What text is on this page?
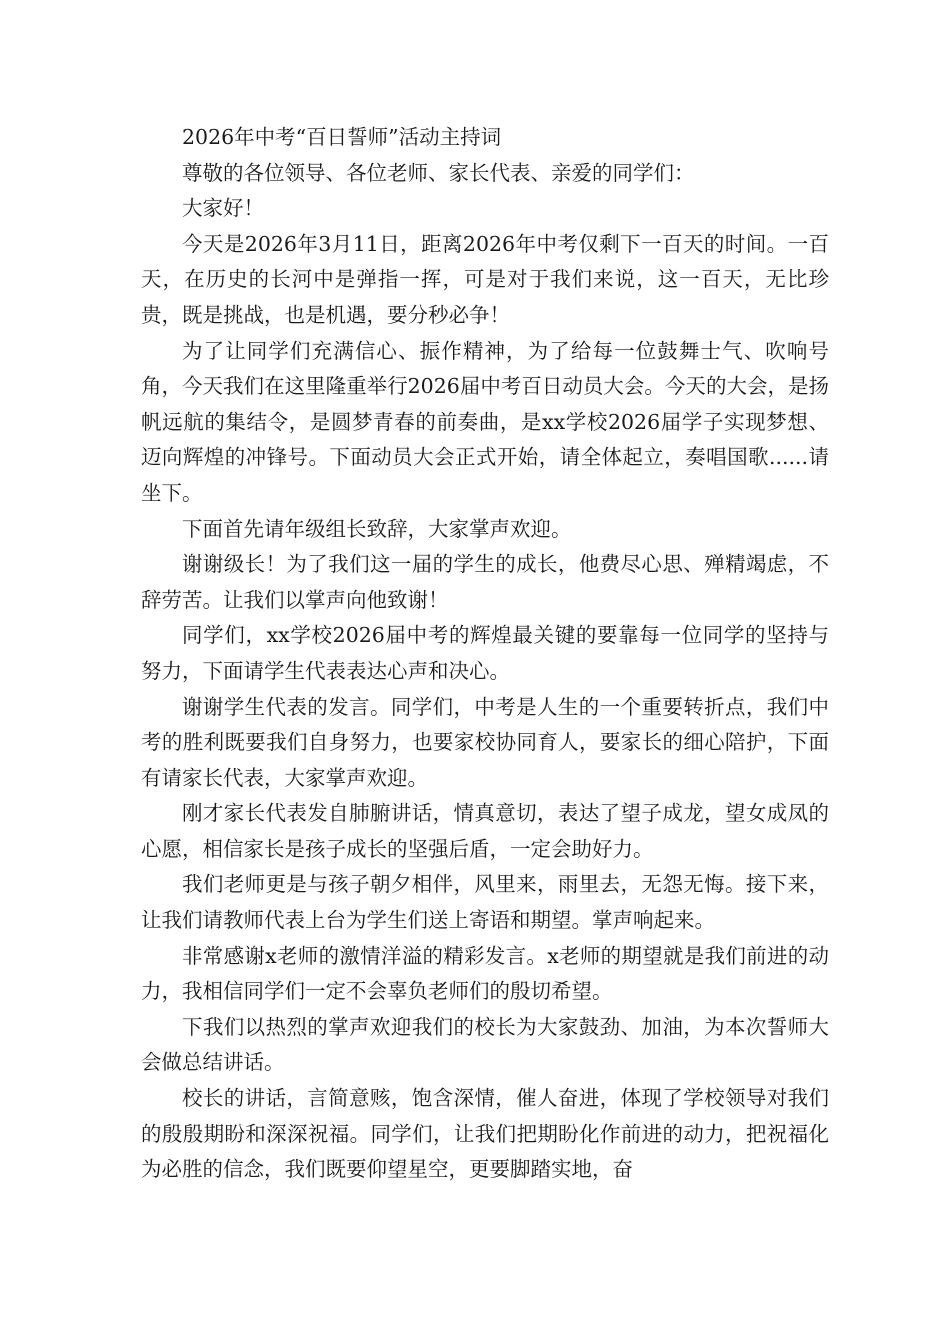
2026年中考“百日誓师”活动主持词

尊敬的各位领导、各位老师、家长代表、亲爱的同学们：

大家好！

今天是2026年3月11日，距离2026年中考仅剩下一百天的时间。一百天，在历史的长河中是弹指一挥，可是对于我们来说，这一百天，无比珍贵，既是挑战，也是机遇，要分秒必争！

为了让同学们充满信心、振作精神，为了给每一位鼓舞士气、吹响号角，今天我们在这里隆重举行2026届中考百日动员大会。今天的大会，是扬帆远航的集结令，是圆梦青春的前奏曲，是xx学校2026届学子实现梦想、迈向辉煌的冲锋号。下面动员大会正式开始，请全体起立，奏唱国歌......请坐下。

下面首先请年级组长致辞，大家掌声欢迎。

谢谢级长！为了我们这一届的学生的成长，他费尽心思、殚精竭虑，不辞劳苦。让我们以掌声向他致谢！

同学们，xx学校2026届中考的辉煌最关键的要靠每一位同学的坚持与努力，下面请学生代表表达心声和决心。

谢谢学生代表的发言。同学们，中考是人生的一个重要转折点，我们中考的胜利既要我们自身努力，也要家校协同育人，要家长的细心陪护，下面有请家长代表，大家掌声欢迎。

刚才家长代表发自肺腑讲话，情真意切，表达了望子成龙，望女成凤的心愿，相信家长是孩子成长的坚强后盾，一定会助好力。

我们老师更是与孩子朝夕相伴，风里来，雨里去，无怨无悔。接下来，让我们请教师代表上台为学生们送上寄语和期望。掌声响起来。

非常感谢x老师的激情洋溢的精彩发言。x老师的期望就是我们前进的动力，我相信同学们一定不会辜负老师们的殷切希望。

下我们以热烈的掌声欢迎我们的校长为大家鼓劲、加油，为本次誓师大会做总结讲话。

校长的讲话，言简意赅，饱含深情，催人奋进，体现了学校领导对我们的殷殷期盼和深深祝福。同学们，让我们把期盼化作前进的动力，把祝福化为必胜的信念，我们既要仰望星空，更要脚踏实地，奋
